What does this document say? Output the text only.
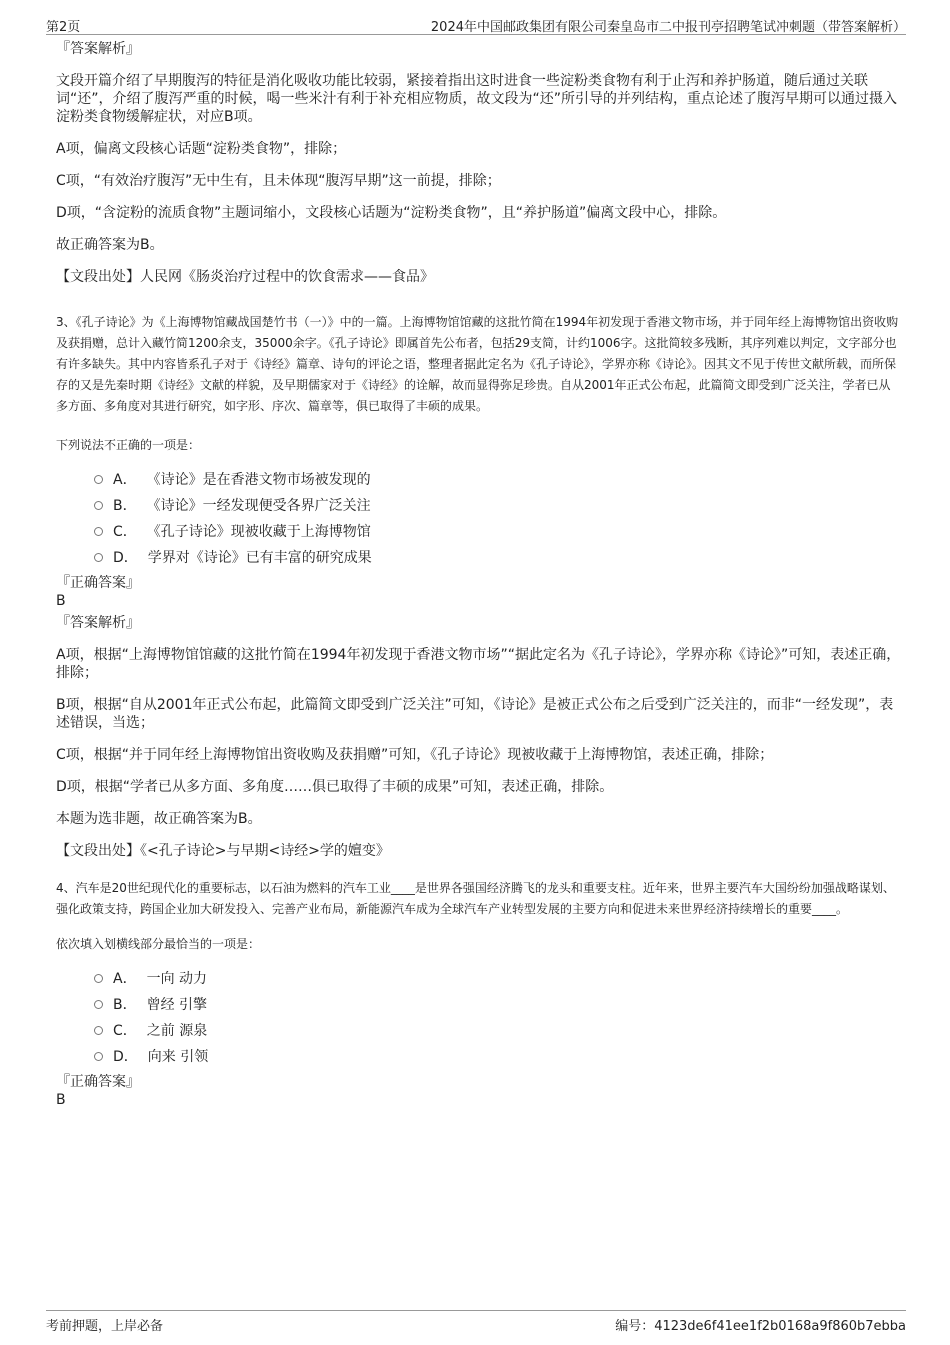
第2页	2024年中国邮政集团有限公司秦皇岛市二中报刊亭招聘笔试冲刺题（带答案解析）

『答案解析』

文段开篇介绍了早期腹泻的特征是消化吸收功能比较弱，紧接着指出这时进食一些淀粉类食物有利于止泻和养护肠道，随后通过关联词“还”，介绍了腹泻严重的时候，喝一些米汁有利于补充相应物质，故文段为“还”所引导的并列结构，重点论述了腹泻早期可以通过摄入淀粉类食物缓解症状，对应B项。

A项，偏离文段核心话题“淀粉类食物”，排除；

C项，“有效治疗腹泻”无中生有，且未体现“腹泻早期”这一前提，排除；

D项，“含淀粉的流质食物”主题词缩小，文段核心话题为“淀粉类食物”，且“养护肠道”偏离文段中心，排除。

故正确答案为B。

【文段出处】人民网《肠炎治疗过程中的饮食需求——食品》

3、《孔子诗论》为《上海博物馆藏战国楚竹书（一）》中的一篇。上海博物馆馆藏的这批竹简在1994年初发现于香港文物市场，并于同年经上海博物馆出资收购及获捐赠，总计入藏竹简1200余支，35000余字。《孔子诗论》即属首先公布者，包括29支简，计约1006字。这批简较多残断，其序列难以判定，文字部分也有许多缺失。其中内容皆系孔子对于《诗经》篇章、诗句的评论之语，整理者据此定名为《孔子诗论》，学界亦称《诗论》。因其文不见于传世文献所载，而所保存的又是先秦时期《诗经》文献的样貌，及早期儒家对于《诗经》的诠解，故而显得弥足珍贵。自从2001年正式公布起，此篇简文即受到广泛关注，学者已从多方面、多角度对其进行研究，如字形、序次、篇章等，俱已取得了丰硕的成果。

下列说法不正确的一项是：

A． 《诗论》是在香港文物市场被发现的
B． 《诗论》一经发现便受各界广泛关注
C． 《孔子诗论》现被收藏于上海博物馆
D． 学界对《诗论》已有丰富的研究成果

『正确答案』

B

『答案解析』

A项，根据“上海博物馆馆藏的这批竹简在1994年初发现于香港文物市场”“据此定名为《孔子诗论》，学界亦称《诗论》”可知，表述正确，排除；

B项，根据“自从2001年正式公布起，此篇简文即受到广泛关注”可知，《诗论》是被正式公布之后受到广泛关注的，而非“一经发现”，表述错误，当选；

C项，根据“并于同年经上海博物馆出资收购及获捐赠”可知，《孔子诗论》现被收藏于上海博物馆，表述正确，排除；

D项，根据“学者已从多方面、多角度……俱已取得了丰硕的成果”可知，表述正确，排除。

本题为选非题，故正确答案为B。

【文段出处】《<孔子诗论>与早期<诗经>学的嬗变》

4、汽车是20世纪现代化的重要标志，以石油为燃料的汽车工业____是世界各强国经济腾飞的龙头和重要支柱。近年来，世界主要汽车大国纷纷加强战略谋划、强化政策支持，跨国企业加大研发投入、完善产业布局，新能源汽车成为全球汽车产业转型发展的主要方向和促进未来世界经济持续增长的重要____。

依次填入划横线部分最恰当的一项是：

A． 一向 动力
B． 曾经 引擎
C． 之前 源泉
D． 向来 引领

『正确答案』

B

考前押题，上岸必备	编号：4123de6f41ee1f2b0168a9f860b7ebba
